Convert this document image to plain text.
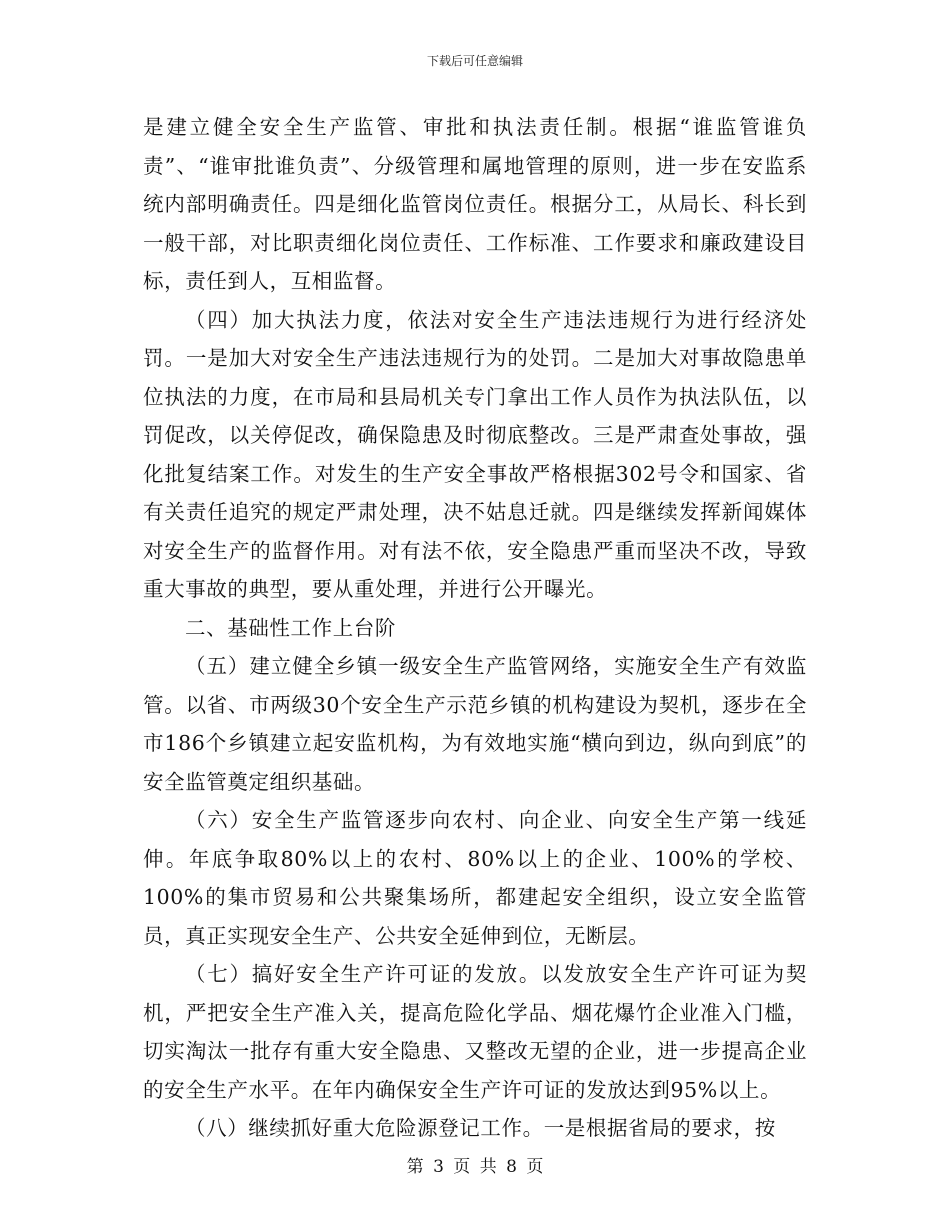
下载后可任意编辑

是建立健全安全生产监管、审批和执法责任制。根据“谁监管谁负责”、“谁审批谁负责”、分级管理和属地管理的原则，进一步在安监系统内部明确责任。四是细化监管岗位责任。根据分工，从局长、科长到一般干部，对比职责细化岗位责任、工作标准、工作要求和廉政建设目标，责任到人，互相监督。

（四）加大执法力度，依法对安全生产违法违规行为进行经济处罚。一是加大对安全生产违法违规行为的处罚。二是加大对事故隐患单位执法的力度，在市局和县局机关专门拿出工作人员作为执法队伍，以罚促改，以关停促改，确保隐患及时彻底整改。三是严肃查处事故，强化批复结案工作。对发生的生产安全事故严格根据302号令和国家、省有关责任追究的规定严肃处理，决不姑息迁就。四是继续发挥新闻媒体对安全生产的监督作用。对有法不依，安全隐患严重而坚决不改，导致重大事故的典型，要从重处理，并进行公开曝光。

二、基础性工作上台阶

（五）建立健全乡镇一级安全生产监管网络，实施安全生产有效监管。以省、市两级30个安全生产示范乡镇的机构建设为契机，逐步在全市186个乡镇建立起安监机构，为有效地实施“横向到边，纵向到底”的安全监管奠定组织基础。

（六）安全生产监管逐步向农村、向企业、向安全生产第一线延伸。年底争取80%以上的农村、80%以上的企业、100%的学校、100%的集市贸易和公共聚集场所，都建起安全组织，设立安全监管员，真正实现安全生产、公共安全延伸到位，无断层。

（七）搞好安全生产许可证的发放。以发放安全生产许可证为契机，严把安全生产准入关，提高危险化学品、烟花爆竹企业准入门槛，切实淘汰一批存有重大安全隐患、又整改无望的企业，进一步提高企业的安全生产水平。在年内确保安全生产许可证的发放达到95%以上。

（八）继续抓好重大危险源登记工作。一是根据省局的要求，按

第 3 页 共 8 页
